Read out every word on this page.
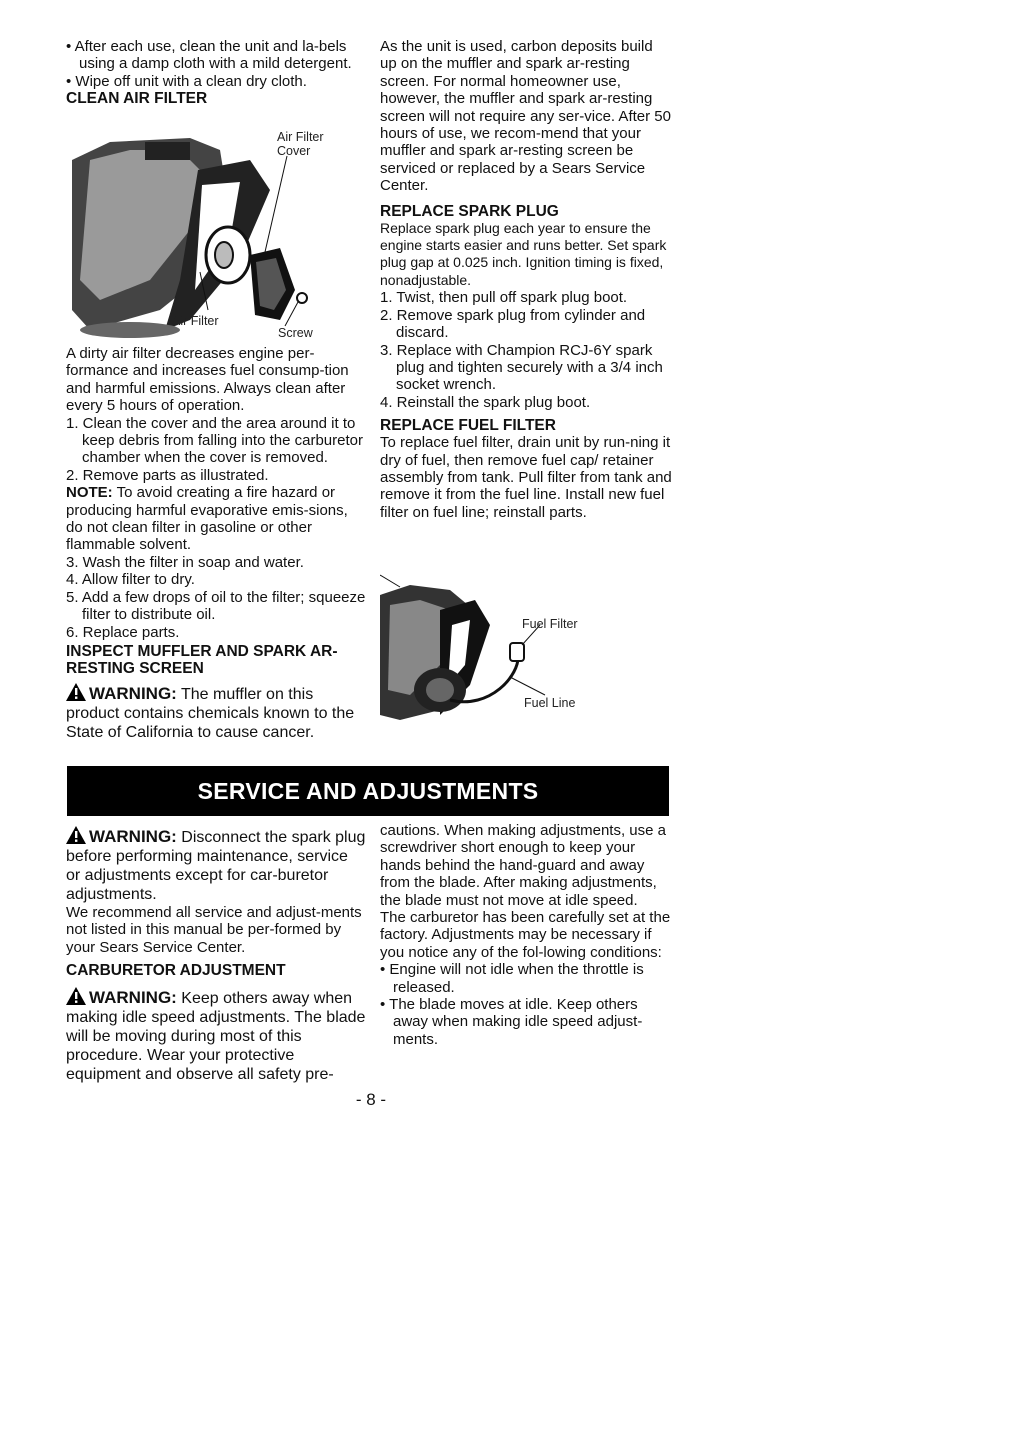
• After each use, clean the unit and la-bels using a damp cloth with a mild detergent.

• Wipe off unit with a clean dry cloth.

CLEAN AIR FILTER

Air Filter Cover
Air Filter
Screw

A dirty air filter decreases engine per-formance and increases fuel consump-tion and harmful emissions. Always clean after every 5 hours of operation.

1. Clean the cover and the area around it to keep debris from falling into the carburetor chamber when the cover is removed.

2. Remove parts as illustrated.

NOTE: To avoid creating a fire hazard or producing harmful evaporative emis-sions, do not clean filter in gasoline or other flammable solvent.

3. Wash the filter in soap and water.

4. Allow filter to dry.

5. Add a few drops of oil to the filter; squeeze filter to distribute oil.

6. Replace parts.

INSPECT MUFFLER AND SPARK AR-RESTING SCREEN

WARNING: The muffler on this product contains chemicals known to the State of California to cause cancer.

As the unit is used, carbon deposits build up on the muffler and spark ar-resting screen. For normal homeowner use, however, the muffler and spark ar-resting screen will not require any ser-vice. After 50 hours of use, we recom-mend that your muffler and spark ar-resting screen be serviced or replaced by a Sears Service Center.

REPLACE SPARK PLUG

Replace spark plug each year to ensure the engine starts easier and runs better. Set spark plug gap at 0.025 inch. Ignition timing is fixed, nonadjustable.

1. Twist, then pull off spark plug boot.

2. Remove spark plug from cylinder and discard.

3. Replace with Champion RCJ-6Y spark plug and tighten securely with a 3/4 inch socket wrench.

4. Reinstall the spark plug boot.

REPLACE FUEL FILTER

To replace fuel filter, drain unit by run-ning it dry of fuel, then remove fuel cap/ retainer assembly from tank. Pull filter from tank and remove it from the fuel line. Install new fuel filter on fuel line; reinstall parts.

Fuel Filter
Fuel Line
SERVICE AND ADJUSTMENTS

WARNING: Disconnect the spark plug before performing maintenance, service or adjustments except for car-buretor adjustments.

We recommend all service and adjust-ments not listed in this manual be per-formed by your Sears Service Center.

CARBURETOR ADJUSTMENT

WARNING: Keep others away when making idle speed adjustments. The blade will be moving during most of this procedure. Wear your protective equipment and observe all safety pre-

cautions. When making adjustments, use a screwdriver short enough to keep your hands behind the hand-guard and away from the blade. After making adjustments, the blade must not move at idle speed.

The carburetor has been carefully set at the factory. Adjustments may be necessary if you notice any of the fol-lowing conditions:

• Engine will not idle when the throttle is released.

• The blade moves at idle. Keep others away when making idle speed adjust-ments.

- 8 -
